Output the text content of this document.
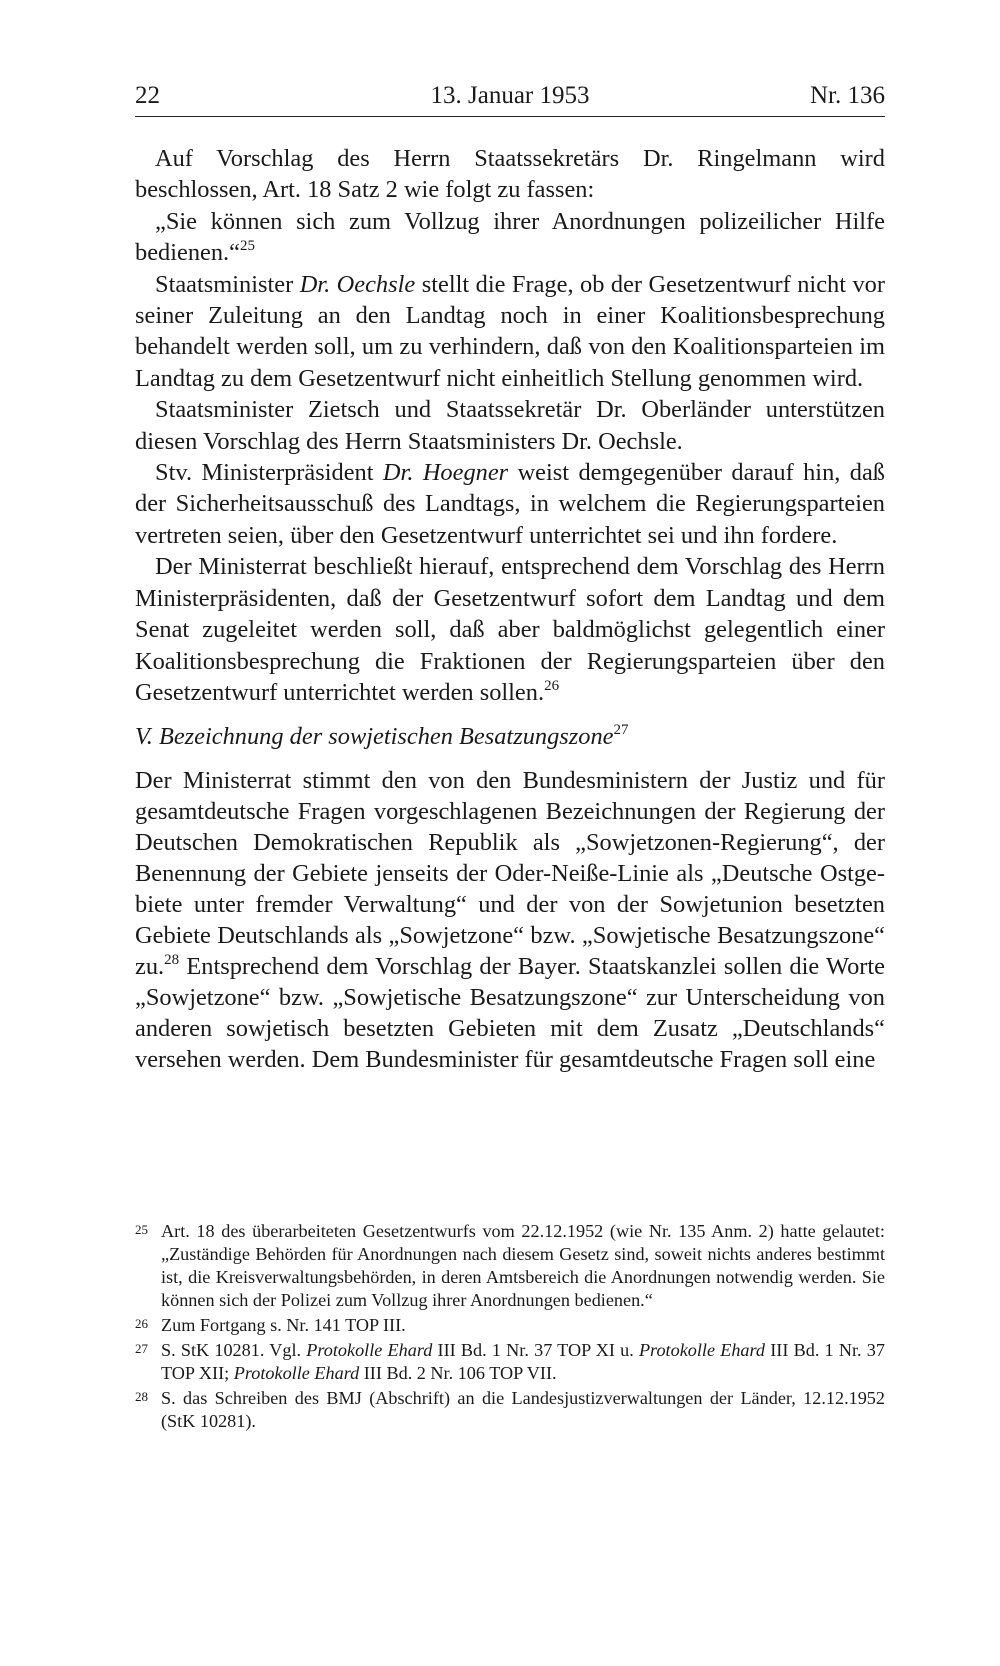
22	13. Januar 1953	Nr. 136

Auf Vorschlag des Herrn Staatssekretärs Dr. Ringelmann wird beschlossen, Art. 18 Satz 2 wie folgt zu fassen:

„Sie können sich zum Vollzug ihrer Anordnungen polizeilicher Hilfe bedienen.“$^{25}$

Staatsminister Dr. Oechsle stellt die Frage, ob der Gesetzentwurf nicht vor seiner Zuleitung an den Landtag noch in einer Koalitionsbesprechung behandelt werden soll, um zu verhindern, daß von den Koalitionsparteien im Landtag zu dem Gesetzentwurf nicht einheitlich Stellung genommen wird.

Staatsminister Zietsch und Staatssekretär Dr. Oberländer unterstützen diesen Vorschlag des Herrn Staatsministers Dr. Oechsle.

Stv. Ministerpräsident Dr. Hoegner weist demgegenüber darauf hin, daß der Sicherheitsausschuß des Landtags, in welchem die Regierungsparteien vertreten seien, über den Gesetzentwurf unterrichtet sei und ihn fordere.

Der Ministerrat beschließt hierauf, entsprechend dem Vorschlag des Herrn Ministerpräsidenten, daß der Gesetzentwurf sofort dem Landtag und dem Senat zugeleitet werden soll, daß aber baldmöglichst gelegentlich einer Koalitionsbesprechung die Fraktionen der Regierungsparteien über den Gesetzentwurf unterrichtet werden sollen.$^{26}$

V. Bezeichnung der sowjetischen Besatzungszone$^{27}$

Der Ministerrat stimmt den von den Bundesministern der Justiz und für gesamtdeutsche Fragen vorgeschlagenen Bezeichnungen der Regierung der Deutschen Demokratischen Republik als „Sowjetzonen-Regierung“, der Benennung der Gebiete jenseits der Oder-Neiße-Linie als „Deutsche Ostgebiete unter fremder Verwaltung“ und der von der Sowjetunion besetzten Gebiete Deutschlands als „Sowjetzone“ bzw. „Sowjetische Besatzungszone“ zu.$^{28}$ Entsprechend dem Vorschlag der Bayer. Staatskanzlei sollen die Worte „Sowjetzone“ bzw. „Sowjetische Besatzungszone“ zur Unterscheidung von anderen sowjetisch besetzten Gebieten mit dem Zusatz „Deutschlands“ versehen werden. Dem Bundesminister für gesamtdeutsche Fragen soll eine

25 Art. 18 des überarbeiteten Gesetzentwurfs vom 22.12.1952 (wie Nr. 135 Anm. 2) hatte gelautet: „Zuständige Behörden für Anordnungen nach diesem Gesetz sind, soweit nichts anderes bestimmt ist, die Kreisverwaltungsbehörden, in deren Amtsbereich die Anordnungen notwendig werden. Sie können sich der Polizei zum Vollzug ihrer Anordnungen bedienen.“

26 Zum Fortgang s. Nr. 141 TOP III.

27 S. StK 10281. Vgl. Protokolle Ehard III Bd. 1 Nr. 37 TOP XI u. Protokolle Ehard III Bd. 1 Nr. 37 TOP XII; Protokolle Ehard III Bd. 2 Nr. 106 TOP VII.

28 S. das Schreiben des BMJ (Abschrift) an die Landesjustizverwaltungen der Länder, 12.12.1952 (StK 10281).
